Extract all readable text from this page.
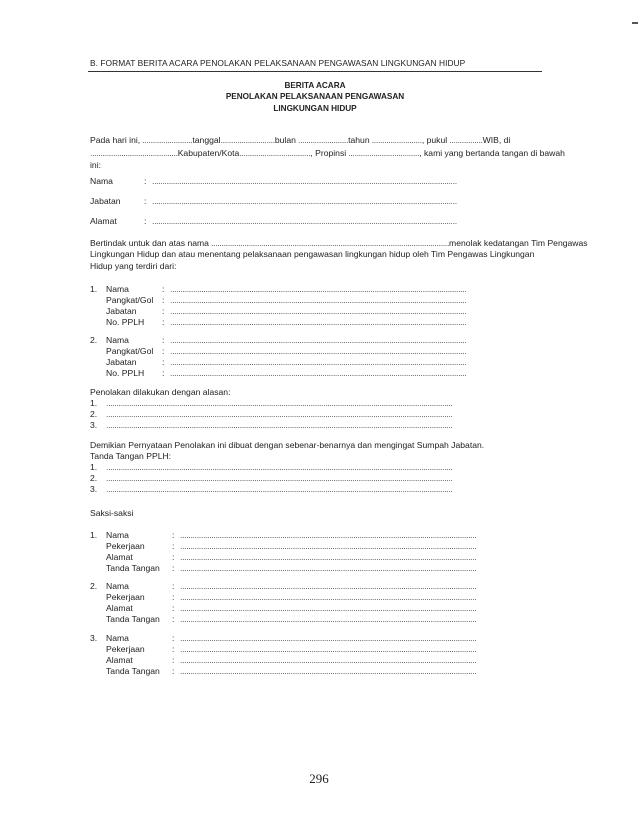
B. FORMAT BERITA ACARA PENOLAKAN PELAKSANAAN PENGAWASAN LINGKUNGAN HIDUP
BERITA ACARA
PENOLAKAN PELAKSANAAN PENGAWASAN
LINGKUNGAN HIDUP
Pada hari ini, ........................ tanggal .......................... bulan ........................ tahun ........................ , pukul ................ WIB, di
.......................................... Kabupaten/Kota .................................. , Propinsi .................................. , kami yang bertanda tangan di bawah
ini:
Nama	: ..................................................................................................................................................
Jabatan	: ..................................................................................................................................................
Alamat	: ..................................................................................................................................................
Bertindak untuk dan atas nama .................................................................................................................. menolak kedatangan Tim Pengawas
Lingkungan Hidup dan atau menentang pelaksanaan pengawasan lingkungan hidup oleh Tim Pengawas Lingkungan
Hidup yang terdiri dari:
1.	Nama	: ..............................................................................................................................................
Pangkat/Gol	: ..............................................................................................................................................
Jabatan	: ..............................................................................................................................................
No. PPLH	: ..............................................................................................................................................
2.	Nama	: ..............................................................................................................................................
Pangkat/Gol	: ..............................................................................................................................................
Jabatan	: ..............................................................................................................................................
No. PPLH	: ..............................................................................................................................................
Penolakan dilakukan dengan alasan:
1.	......................................................................................................................................................................
2.	......................................................................................................................................................................
3.	......................................................................................................................................................................
Demikian Pernyataan Penolakan ini dibuat dengan sebenar-benarnya dan mengingat Sumpah Jabatan.
Tanda Tangan PPLH:
1.	......................................................................................................................................................................
2.	......................................................................................................................................................................
3.	......................................................................................................................................................................
Saksi-saksi
1.	Nama	: ..............................................................................................................................................
Pekerjaan	: ..............................................................................................................................................
Alamat	: ..............................................................................................................................................
Tanda Tangan	: ..............................................................................................................................................
2.	Nama	: ..............................................................................................................................................
Pekerjaan	: ..............................................................................................................................................
Alamat	: ..............................................................................................................................................
Tanda Tangan	: ..............................................................................................................................................
3.	Nama	: ..............................................................................................................................................
Pekerjaan	: ..............................................................................................................................................
Alamat	: ..............................................................................................................................................
Tanda Tangan	: ..............................................................................................................................................
296
